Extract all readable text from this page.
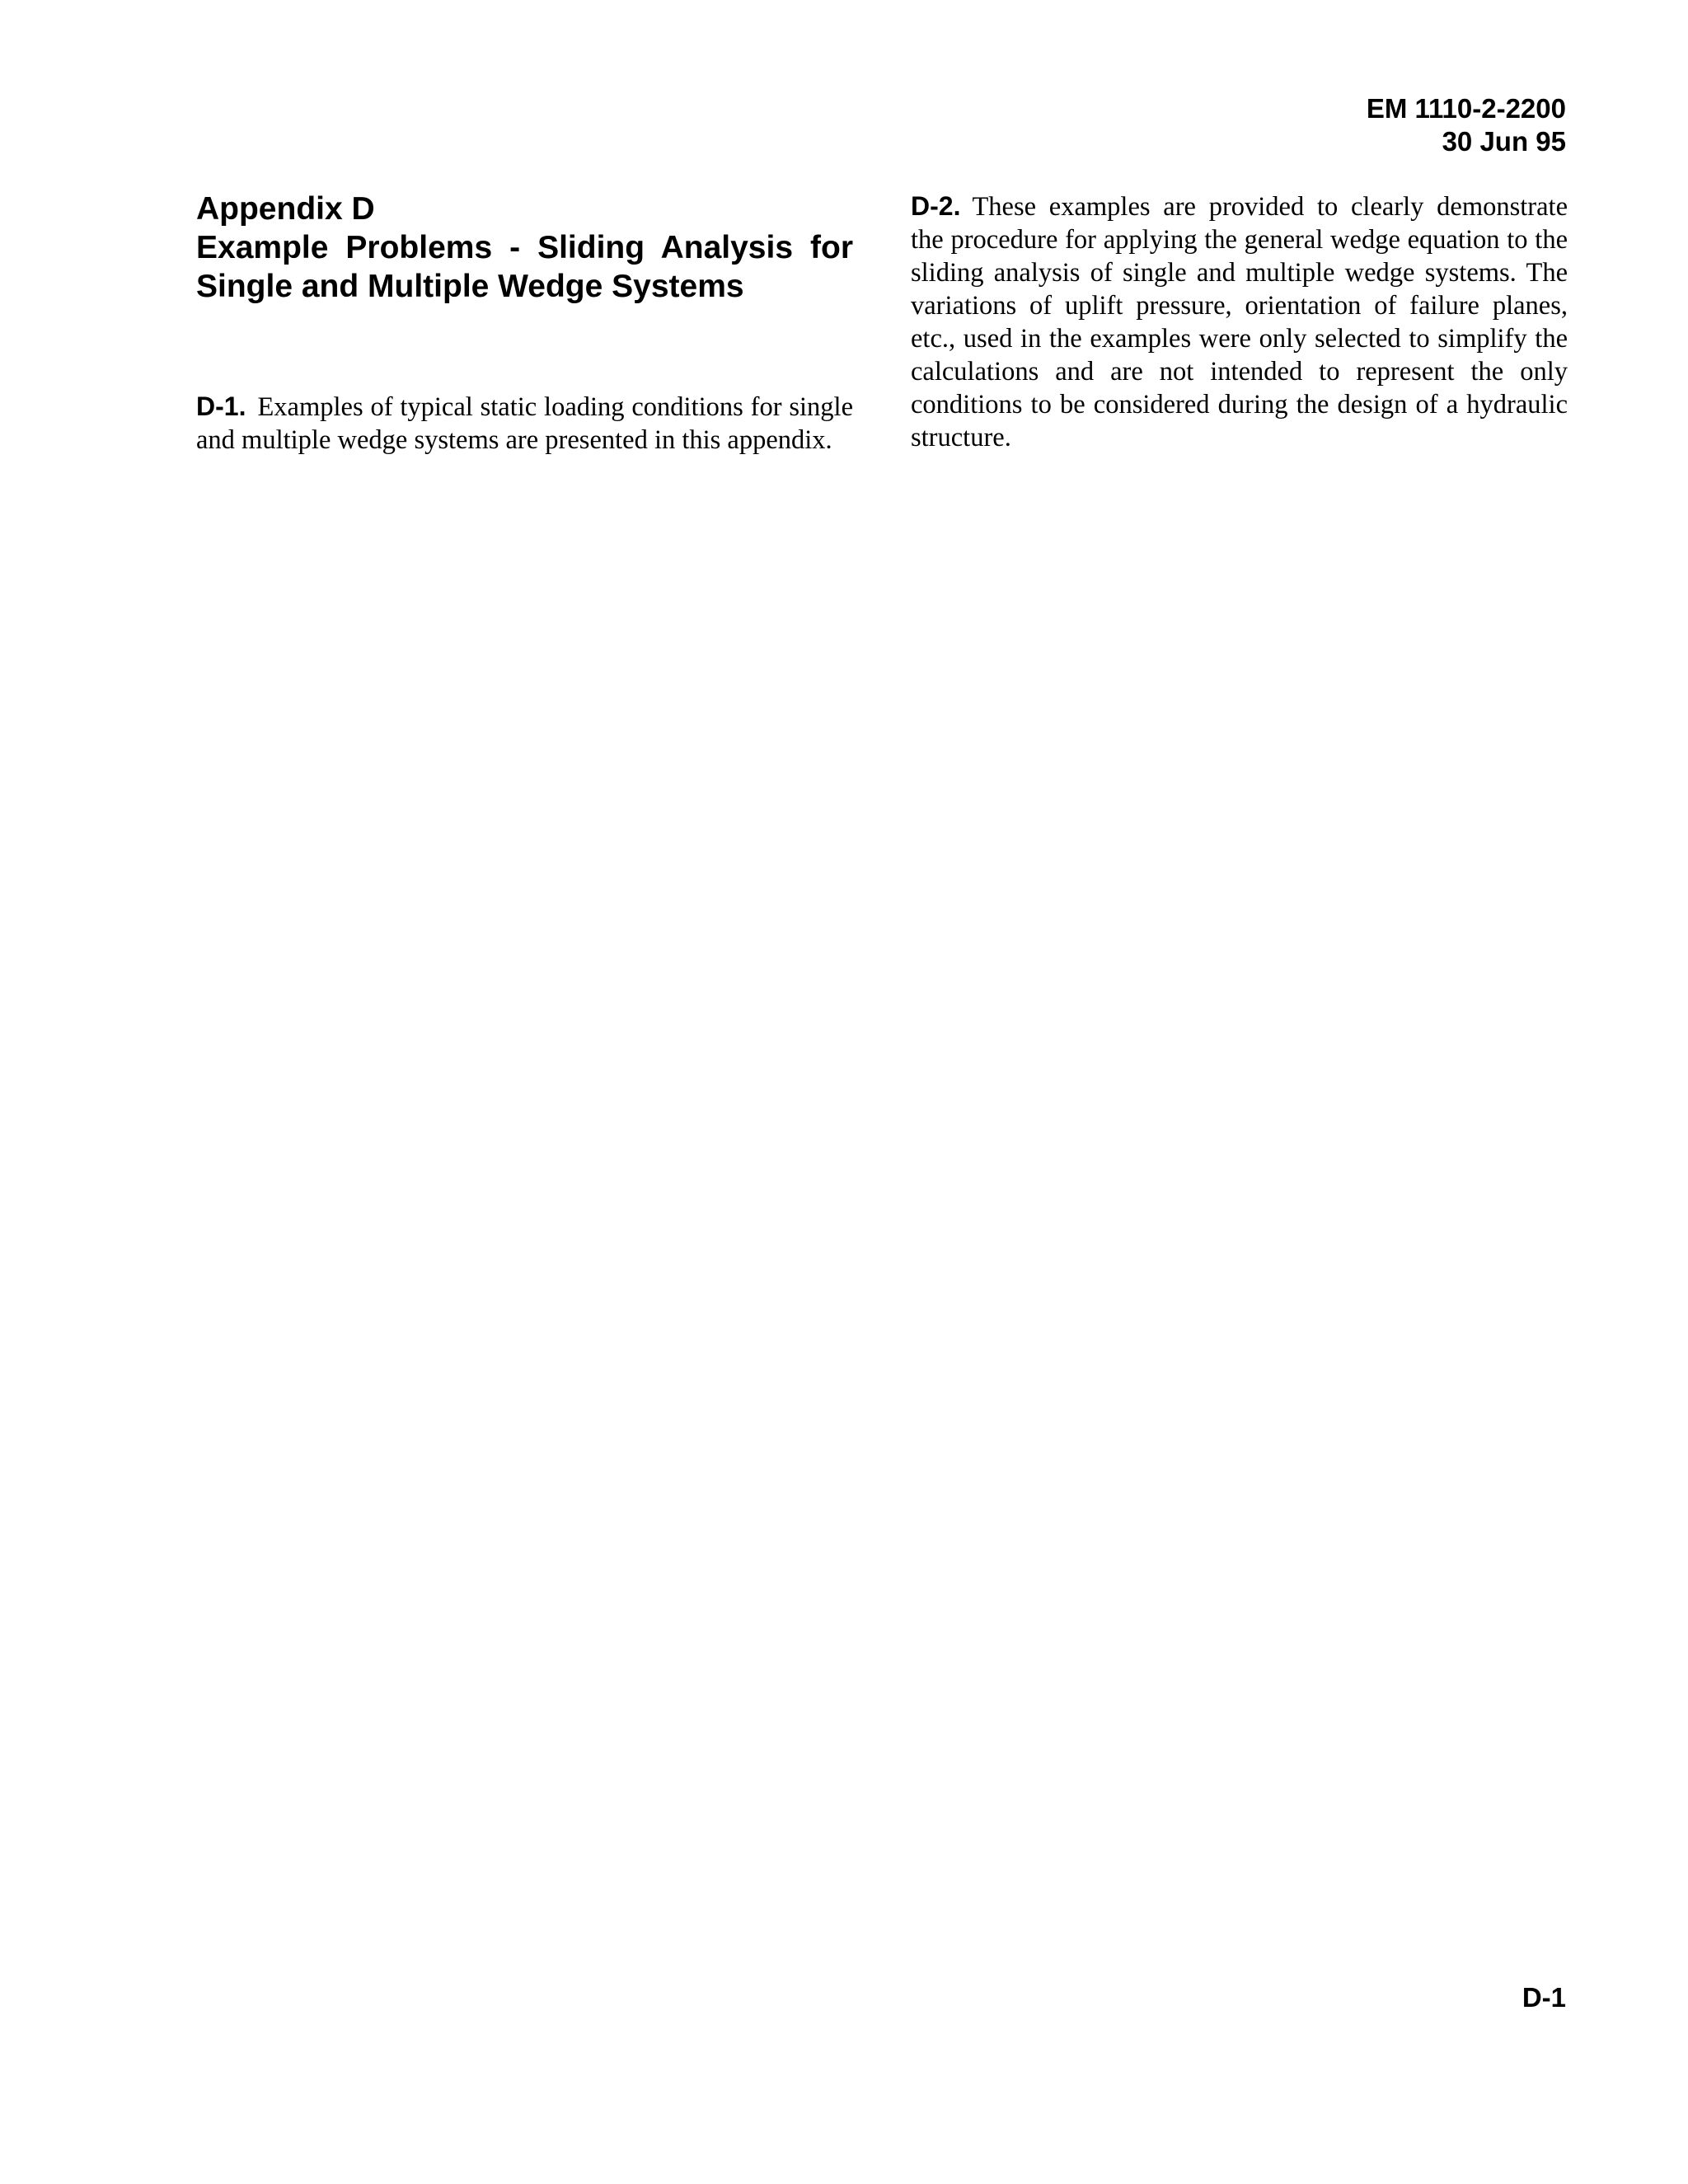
EM 1110-2-2200
30 Jun 95
Appendix D
Example Problems - Sliding Analysis for
Single and Multiple Wedge Systems

D-1. Examples of typical static loading conditions for single and multiple wedge systems are presented in this appendix.

D-2. These examples are provided to clearly demonstrate the procedure for applying the general wedge equation to the sliding analysis of single and multiple wedge systems. The variations of uplift pressure, orientation of failure planes, etc., used in the examples were only selected to simplify the calculations and are not intended to represent the only conditions to be considered during the design of a hydraulic structure.

D-1
